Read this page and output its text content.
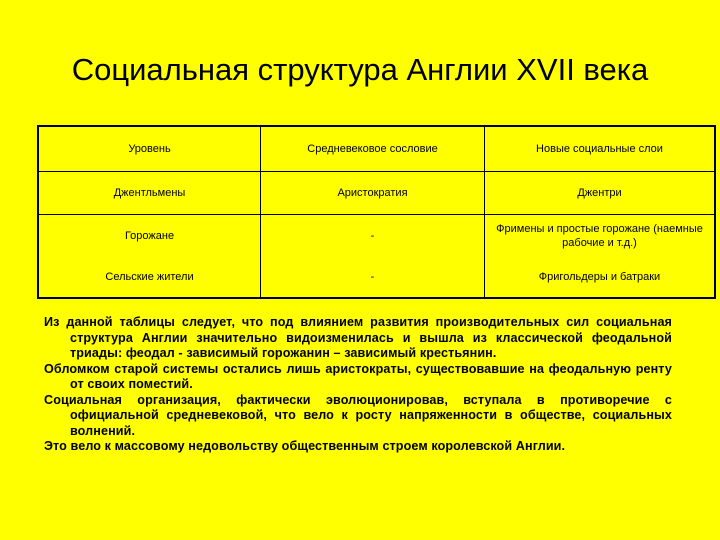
Социальная структура Англии XVII века
Уровень	Средневековое сословие	Новые социальные слои
Джентльмены	Аристократия	Джентри
Горожане	-	Фримены и простые горожане (наемные рабочие и т.д.)
Сельские жители	-	Фригольдеры и батраки

Из данной таблицы следует, что под влиянием развития производительных сил социальная структура Англии значительно видоизменилась и вышла из классической феодальной триады: феодал - зависимый горожанин – зависимый крестьянин.

Обломком старой системы остались лишь аристократы, существовавшие на феодальную ренту от своих поместий.

Социальная организация, фактически эволюционировав, вступала в противоречие с официальной средневековой, что вело к росту напряженности в обществе, социальных волнений.

Это вело к массовому недовольству общественным строем королевской Англии.
